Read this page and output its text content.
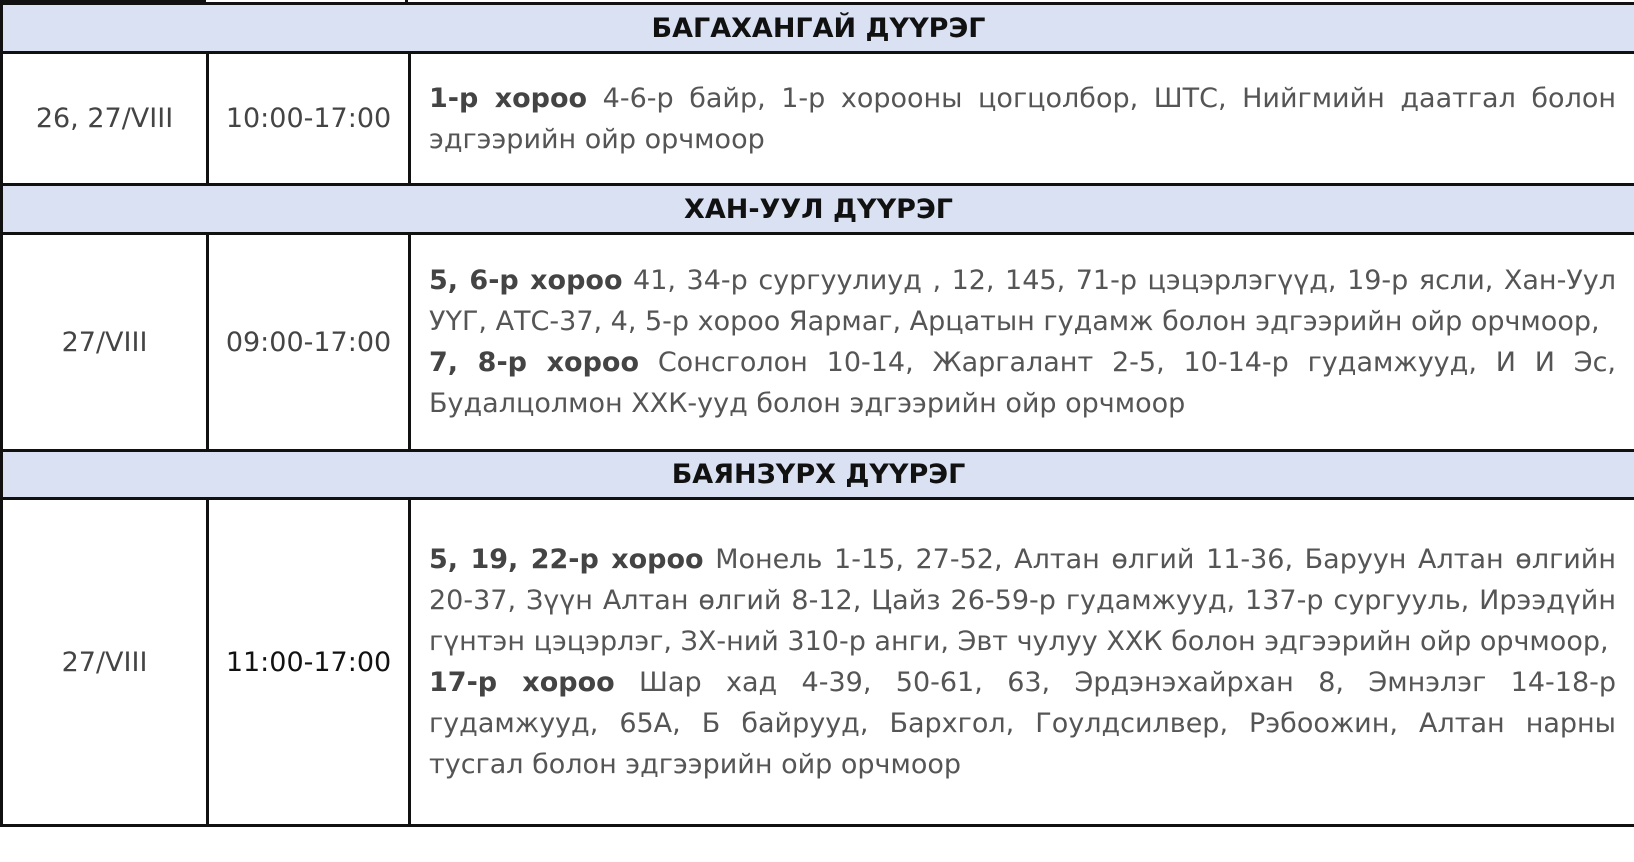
БАГАХАНГАЙ ДҮҮРЭГ		
26, 27/VIII	10:00-17:00	1-р хороо 4-6-р байр, 1-р хорооны цогцолбор, ШТС, Нийгмийн даатгал болон эдгээрийн ойр орчмоор

ХАН-УУЛ ДҮҮРЭГ		
27/VIII	09:00-17:00	5, 6-р хороо 41, 34-р сургуулиуд , 12, 145, 71-р цэцэрлэгүүд, 19-р ясли, Хан-Уул УҮГ, АТС-37, 4, 5-р хороо Яармаг, Арцатын гудамж болон эдгээрийн ойр орчмоор,

7, 8-р хороо Сонсголон 10-14, Жаргалант 2-5, 10-14-р гудамжууд, И И Эс, Будалцолмон ХХК-ууд болон эдгээрийн ойр орчмоор

БАЯНЗҮРХ ДҮҮРЭГ		
27/VIII	11:00-17:00	5, 19, 22-р хороо Монель 1-15, 27-52, Алтан өлгий 11-36, Баруун Алтан өлгийн 20-37, Зүүн Алтан өлгий 8-12, Цайз 26-59-р гудамжууд, 137-р сургууль, Ирээдүйн гүнтэн цэцэрлэг, ЗХ-ний 310-р анги, Эвт чулуу ХХК болон эдгээрийн ойр орчмоор,

17-р хороо Шар хад 4-39, 50-61, 63, Эрдэнэхайрхан 8, Эмнэлэг 14-18-р гудамжууд, 65А, Б байрууд, Бархгол, Гоулдсилвер, Рэбоожин, Алтан нарны тусгал болон эдгээрийн ойр орчмоор
